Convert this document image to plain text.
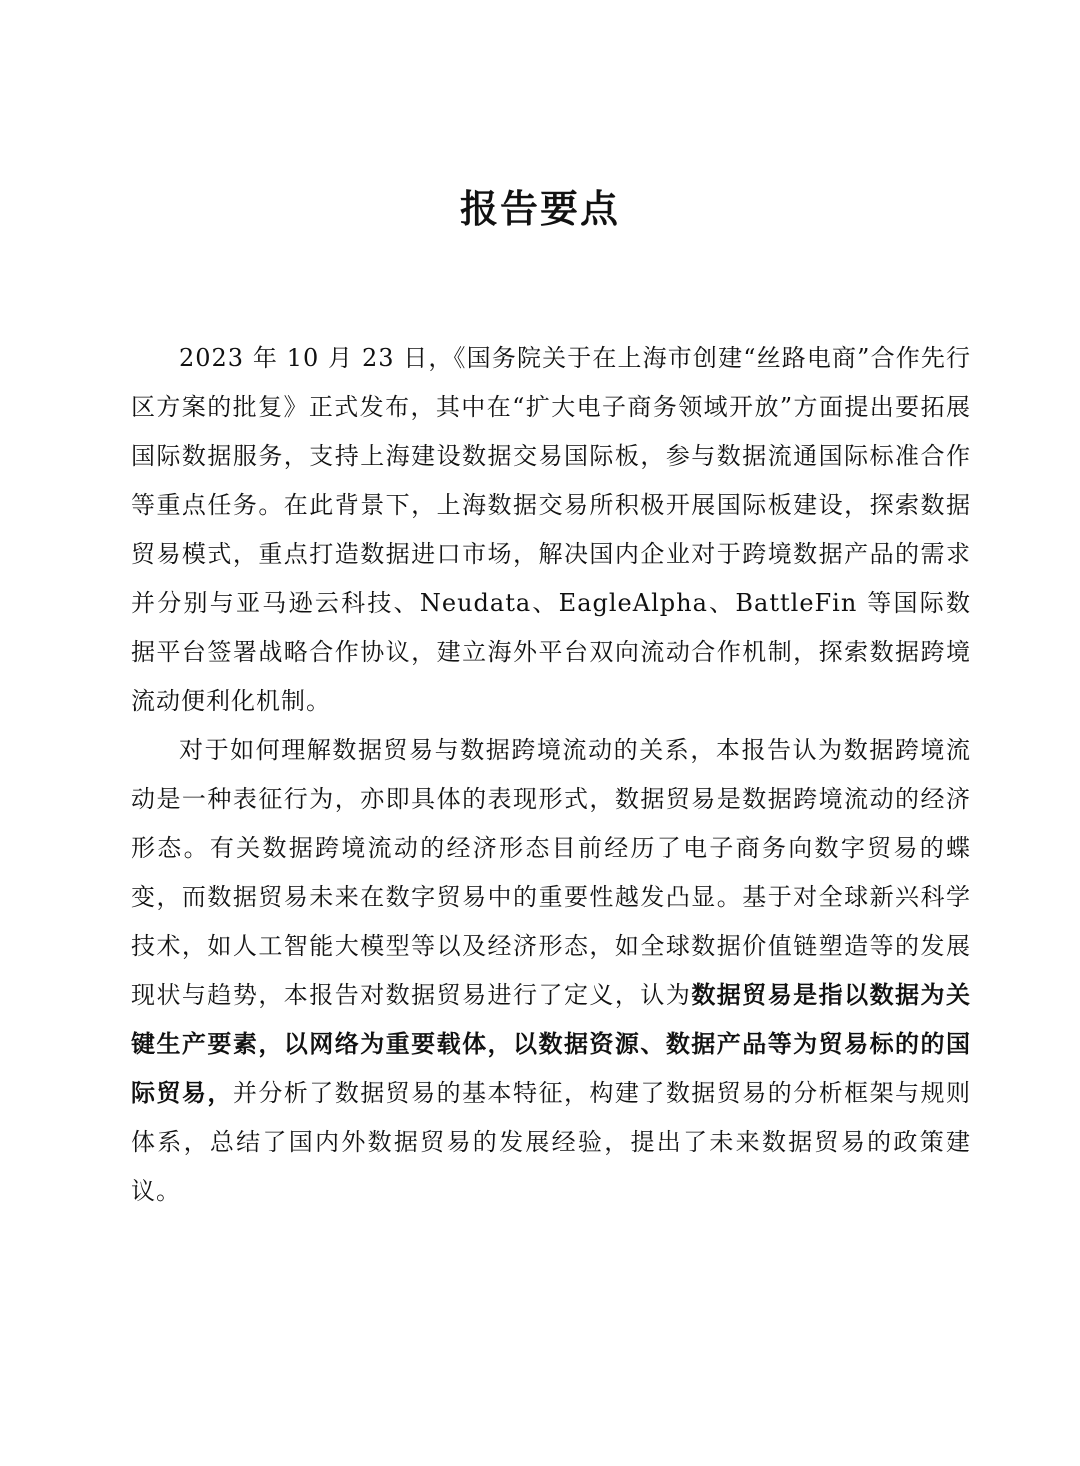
报告要点

2023 年 10 月 23 日，《国务院关于在上海市创建“丝路电商”合作先行区方案的批复》正式发布，其中在“扩大电子商务领域开放”方面提出要拓展国际数据服务，支持上海建设数据交易国际板，参与数据流通国际标准合作等重点任务。在此背景下，上海数据交易所积极开展国际板建设，探索数据贸易模式，重点打造数据进口市场，解决国内企业对于跨境数据产品的需求并分别与亚马逊云科技、Neudata、EagleAlpha、BattleFin 等国际数据平台签署战略合作协议，建立海外平台双向流动合作机制，探索数据跨境流动便利化机制。

对于如何理解数据贸易与数据跨境流动的关系，本报告认为数据跨境流动是一种表征行为，亦即具体的表现形式，数据贸易是数据跨境流动的经济形态。有关数据跨境流动的经济形态目前经历了电子商务向数字贸易的蝶变，而数据贸易未来在数字贸易中的重要性越发凸显。基于对全球新兴科学技术，如人工智能大模型等以及经济形态，如全球数据价值链塑造等的发展现状与趋势，本报告对数据贸易进行了定义，认为数据贸易是指以数据为关键生产要素，以网络为重要载体，以数据资源、数据产品等为贸易标的的国际贸易，并分析了数据贸易的基本特征，构建了数据贸易的分析框架与规则体系，总结了国内外数据贸易的发展经验，提出了未来数据贸易的政策建议。
